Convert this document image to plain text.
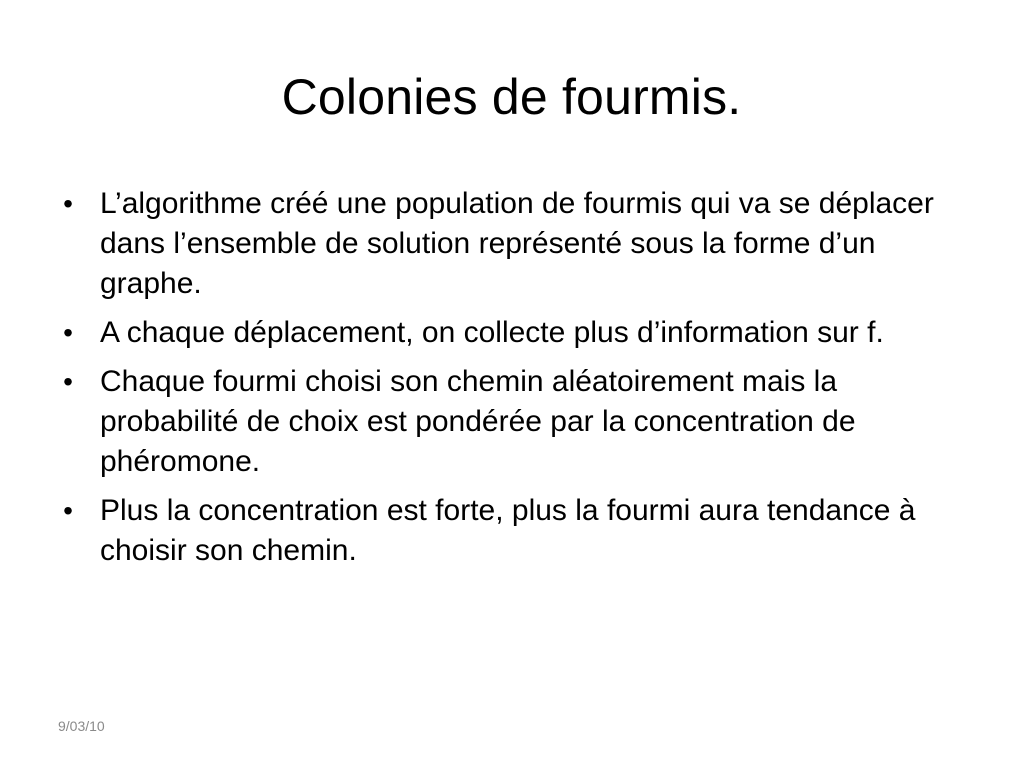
Colonies de fourmis.
• L’algorithme créé une population de fourmis qui va se déplacer dans l’ensemble de solution représenté sous la forme d’un graphe.
• A chaque déplacement, on collecte plus d’information sur f.
• Chaque fourmi choisi son chemin aléatoirement mais la probabilité de choix est pondérée par la concentration de phéromone.
• Plus la concentration est forte, plus la fourmi aura tendance à choisir son chemin.
9/03/10
